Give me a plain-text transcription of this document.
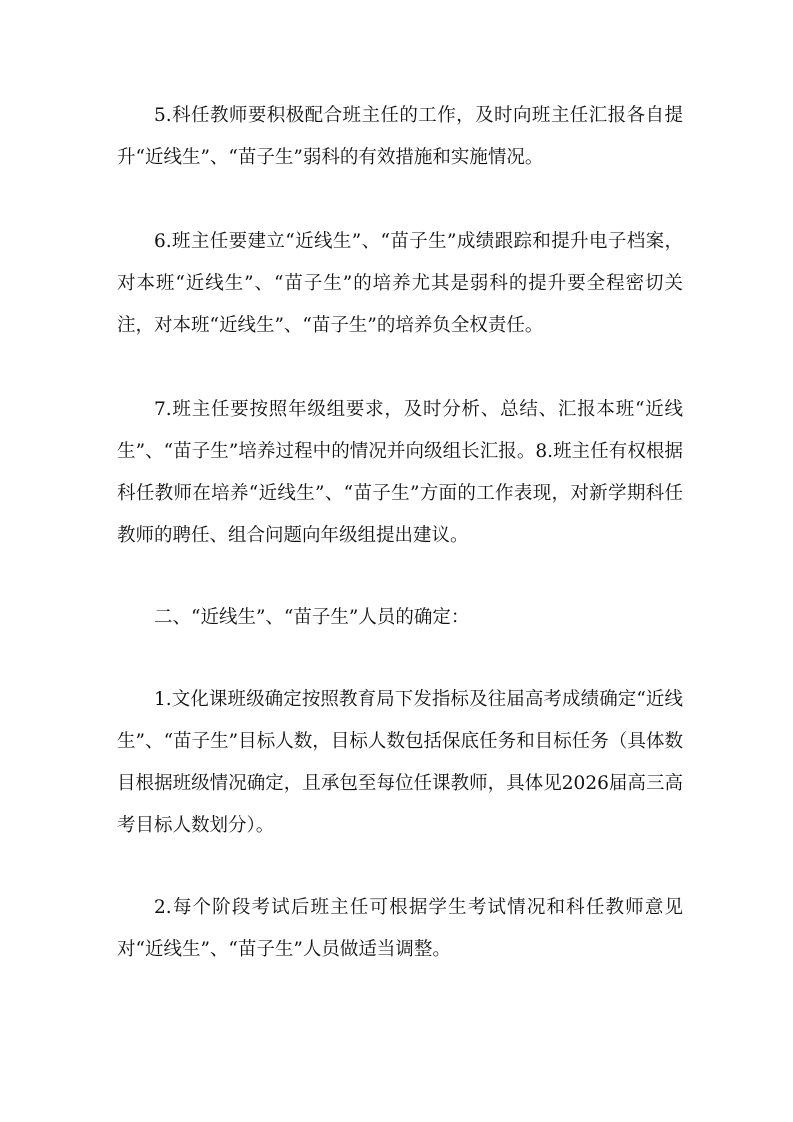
5.科任教师要积极配合班主任的工作，及时向班主任汇报各自提升“近线生”、“苗子生”弱科的有效措施和实施情况。

6.班主任要建立“近线生”、“苗子生”成绩跟踪和提升电子档案，对本班“近线生”、“苗子生”的培养尤其是弱科的提升要全程密切关注，对本班“近线生”、“苗子生”的培养负全权责任。

7.班主任要按照年级组要求，及时分析、总结、汇报本班“近线生”、“苗子生”培养过程中的情况并向级组长汇报。8.班主任有权根据科任教师在培养“近线生”、“苗子生”方面的工作表现，对新学期科任教师的聘任、组合问题向年级组提出建议。

二、“近线生”、“苗子生”人员的确定：

1.文化课班级确定按照教育局下发指标及往届高考成绩确定“近线生”、“苗子生”目标人数，目标人数包括保底任务和目标任务（具体数目根据班级情况确定，且承包至每位任课教师，具体见2026届高三高考目标人数划分）。

2.每个阶段考试后班主任可根据学生考试情况和科任教师意见对“近线生”、“苗子生”人员做适当调整。
